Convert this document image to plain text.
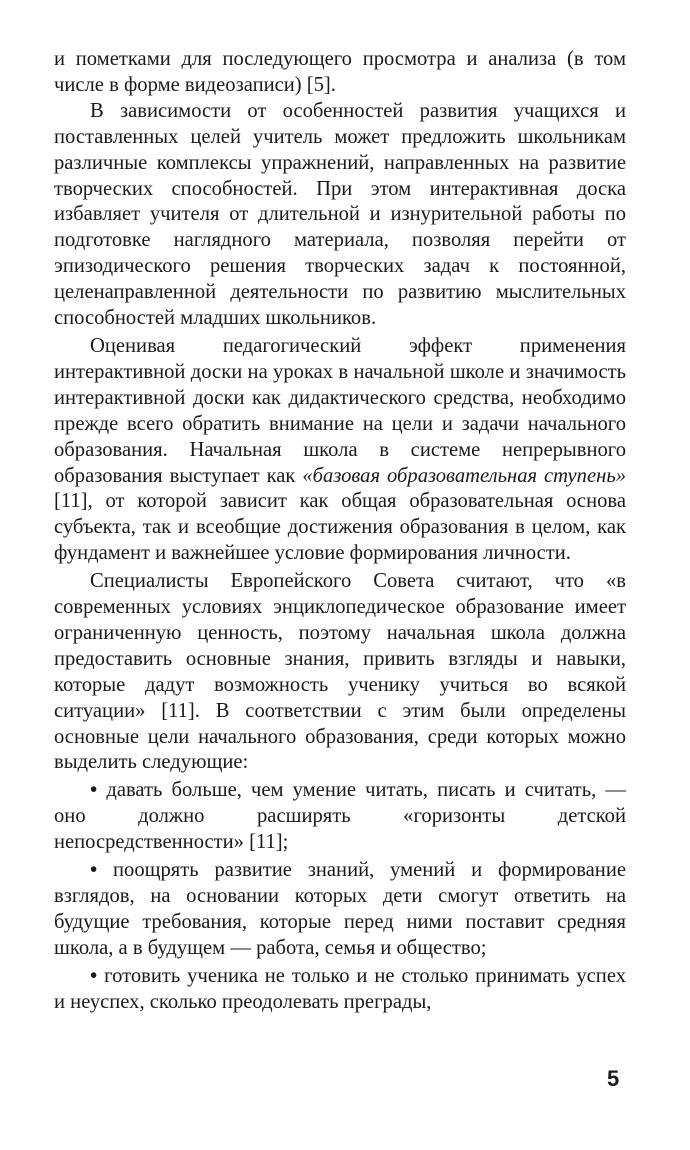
и пометками для последующего просмотра и анализа (в том числе в форме видеозаписи) [5].

В зависимости от особенностей развития учащихся и поставленных целей учитель может предложить школьникам различные комплексы упражнений, направленных на развитие творческих способностей. При этом интерактивная доска избавляет учителя от длительной и изнурительной работы по подготовке наглядного материала, позволяя перейти от эпизодического решения творческих задач к постоянной, целенаправленной деятельности по развитию мыслительных способностей младших школьников.

Оценивая педагогический эффект применения интерактивной доски на уроках в начальной школе и значимость интерактивной доски как дидактического средства, необходимо прежде всего обратить внимание на цели и задачи начального образования. Начальная школа в системе непрерывного образования выступает как «базовая образовательная ступень» [11], от которой зависит как общая образовательная основа субъекта, так и всеобщие достижения образования в целом, как фундамент и важнейшее условие формирования личности.

Специалисты Европейского Совета считают, что «в современных условиях энциклопедическое образование имеет ограниченную ценность, поэтому начальная школа должна предоставить основные знания, привить взгляды и навыки, которые дадут возможность ученику учиться во всякой ситуации» [11]. В соответствии с этим были определены основные цели начального образования, среди которых можно выделить следующие:

• давать больше, чем умение читать, писать и считать, — оно должно расширять «горизонты детской непосредственности» [11];

• поощрять развитие знаний, умений и формирование взглядов, на основании которых дети смогут ответить на будущие требования, которые перед ними поставит средняя школа, а в будущем — работа, семья и общество;

• готовить ученика не только и не столько принимать успех и неуспех, сколько преодолевать преграды,

5
